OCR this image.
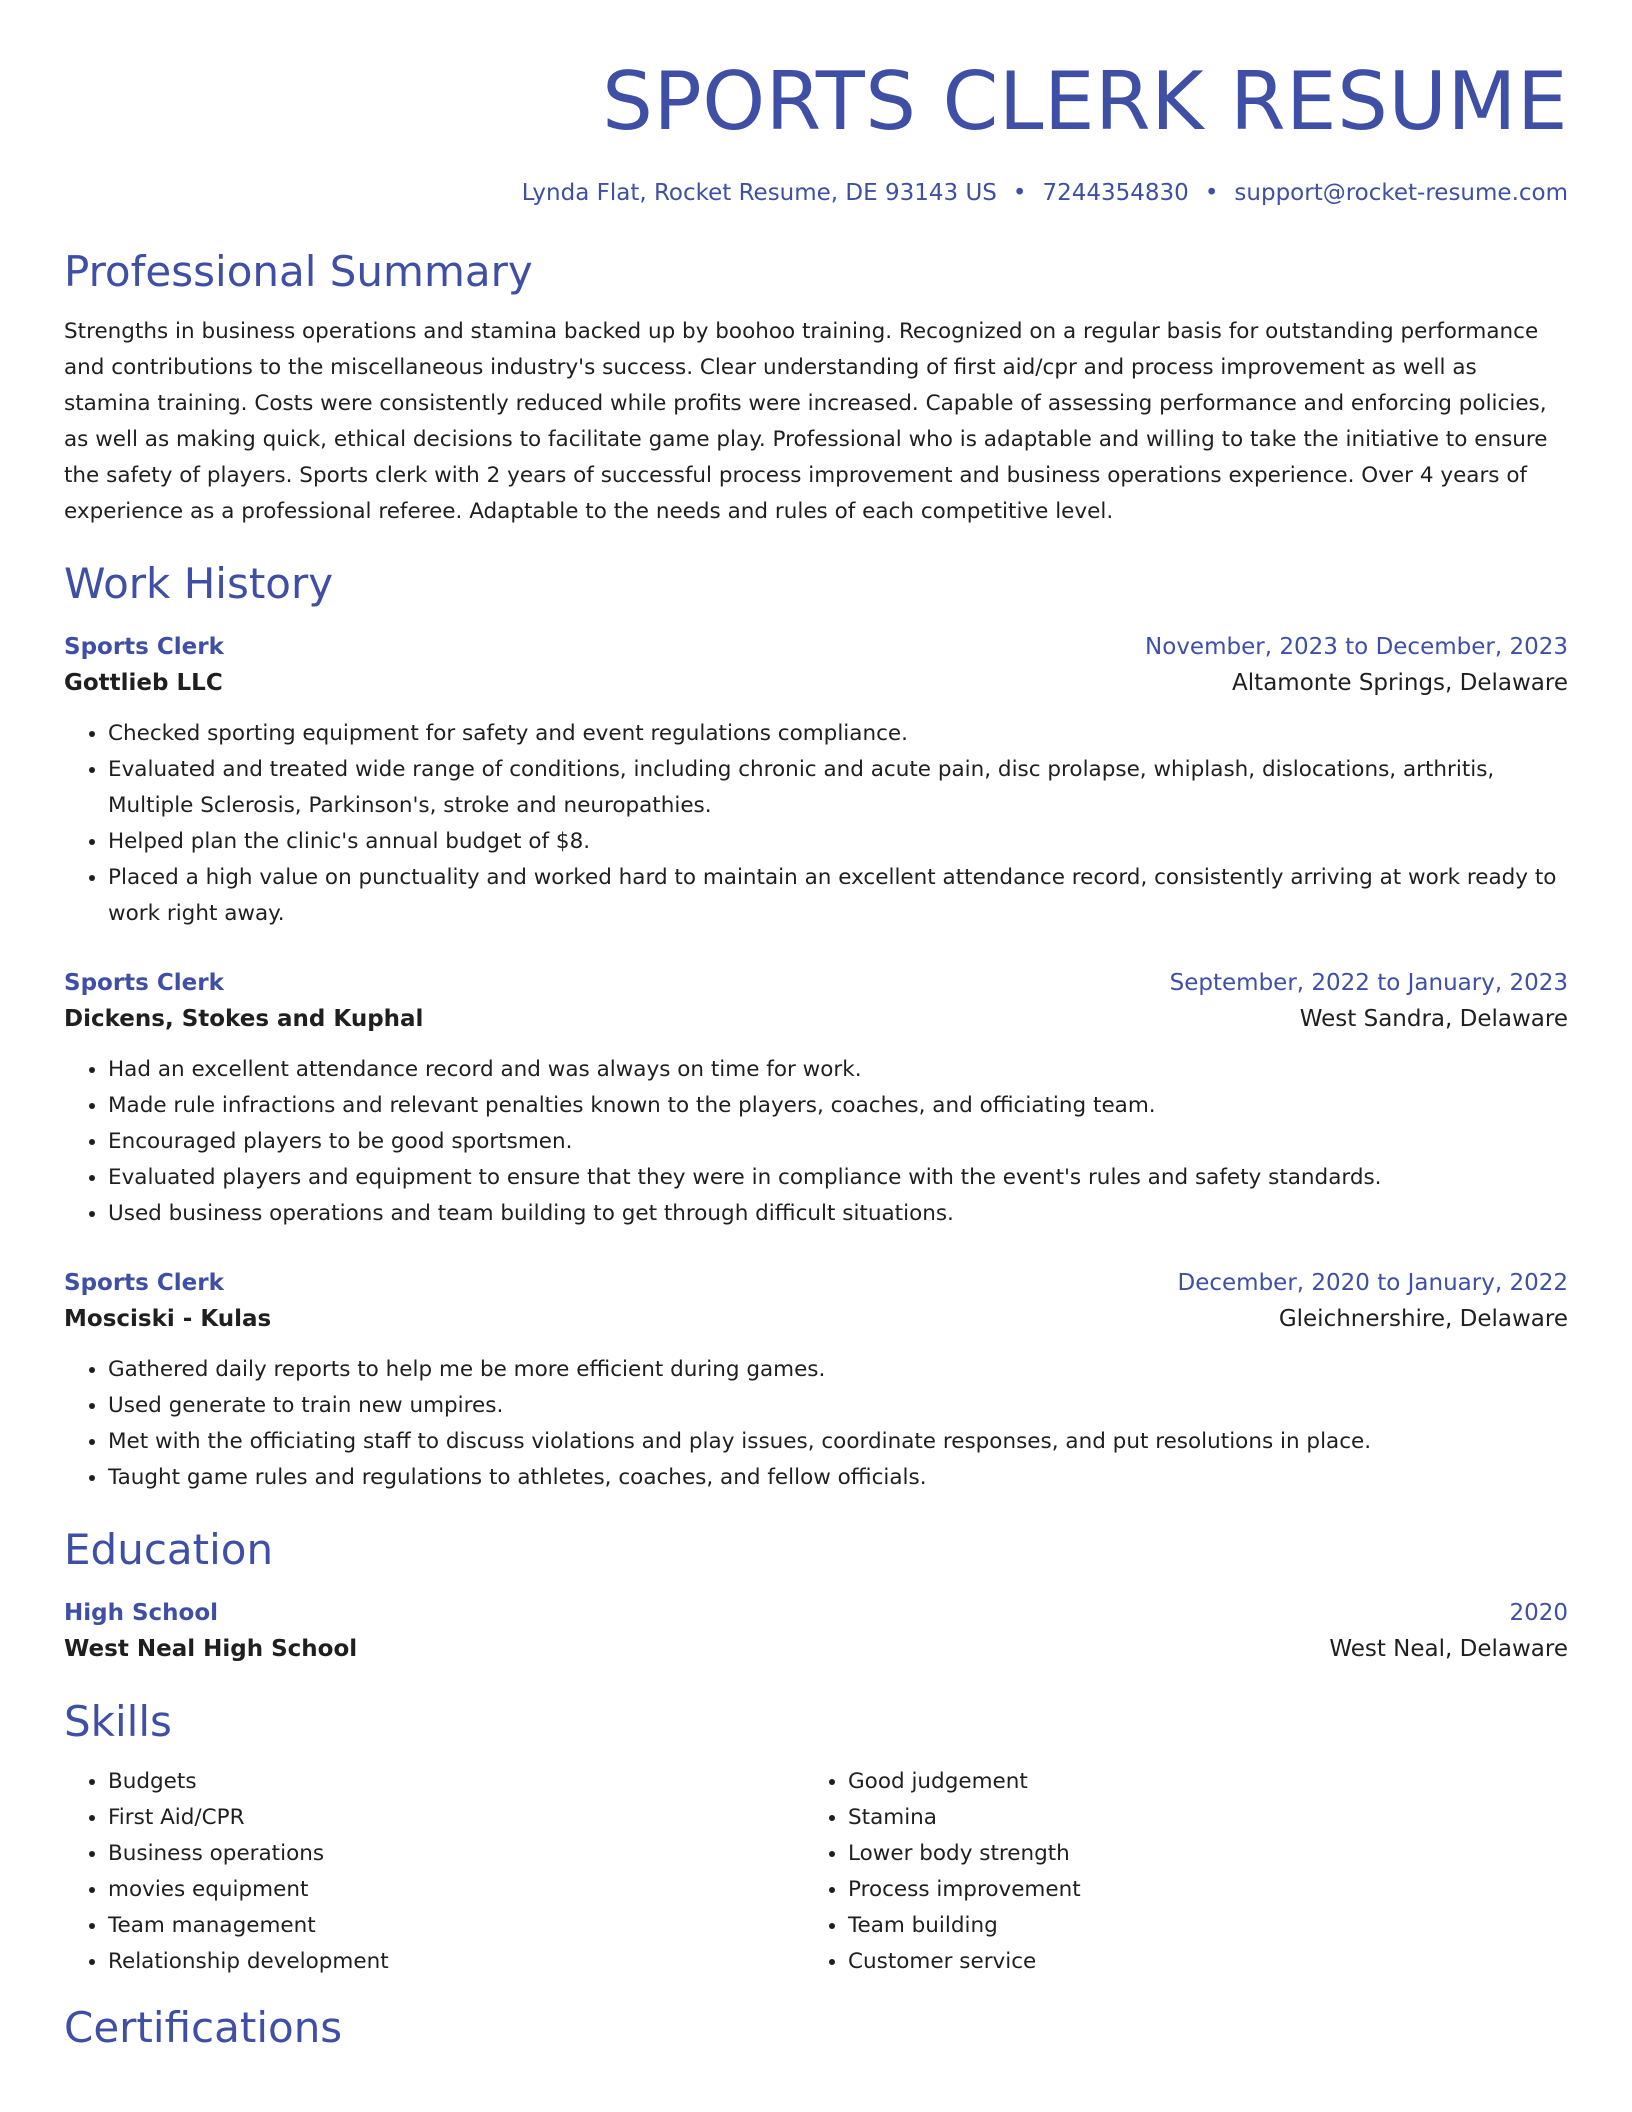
SPORTS CLERK RESUME
Lynda Flat, Rocket Resume, DE 93143 US • 7244354830 • support@rocket-resume.com
Professional Summary
Strengths in business operations and stamina backed up by boohoo training. Recognized on a regular basis for outstanding performance and contributions to the miscellaneous industry's success. Clear understanding of first aid/cpr and process improvement as well as stamina training. Costs were consistently reduced while profits were increased. Capable of assessing performance and enforcing policies, as well as making quick, ethical decisions to facilitate game play. Professional who is adaptable and willing to take the initiative to ensure the safety of players. Sports clerk with 2 years of successful process improvement and business operations experience. Over 4 years of experience as a professional referee. Adaptable to the needs and rules of each competitive level.
Work History
Sports Clerk	November, 2023 to December, 2023
Gottlieb LLC	Altamonte Springs, Delaware
• Checked sporting equipment for safety and event regulations compliance.
• Evaluated and treated wide range of conditions, including chronic and acute pain, disc prolapse, whiplash, dislocations, arthritis, Multiple Sclerosis, Parkinson's, stroke and neuropathies.
• Helped plan the clinic's annual budget of $8.
• Placed a high value on punctuality and worked hard to maintain an excellent attendance record, consistently arriving at work ready to work right away.
Sports Clerk	September, 2022 to January, 2023
Dickens, Stokes and Kuphal	West Sandra, Delaware
• Had an excellent attendance record and was always on time for work.
• Made rule infractions and relevant penalties known to the players, coaches, and officiating team.
• Encouraged players to be good sportsmen.
• Evaluated players and equipment to ensure that they were in compliance with the event's rules and safety standards.
• Used business operations and team building to get through difficult situations.
Sports Clerk	December, 2020 to January, 2022
Mosciski - Kulas	Gleichnershire, Delaware
• Gathered daily reports to help me be more efficient during games.
• Used generate to train new umpires.
• Met with the officiating staff to discuss violations and play issues, coordinate responses, and put resolutions in place.
• Taught game rules and regulations to athletes, coaches, and fellow officials.
Education
High School	2020
West Neal High School	West Neal, Delaware
Skills
• Budgets
• First Aid/CPR
• Business operations
• movies equipment
• Team management
• Relationship development
• Good judgement
• Stamina
• Lower body strength
• Process improvement
• Team building
• Customer service
Certifications
